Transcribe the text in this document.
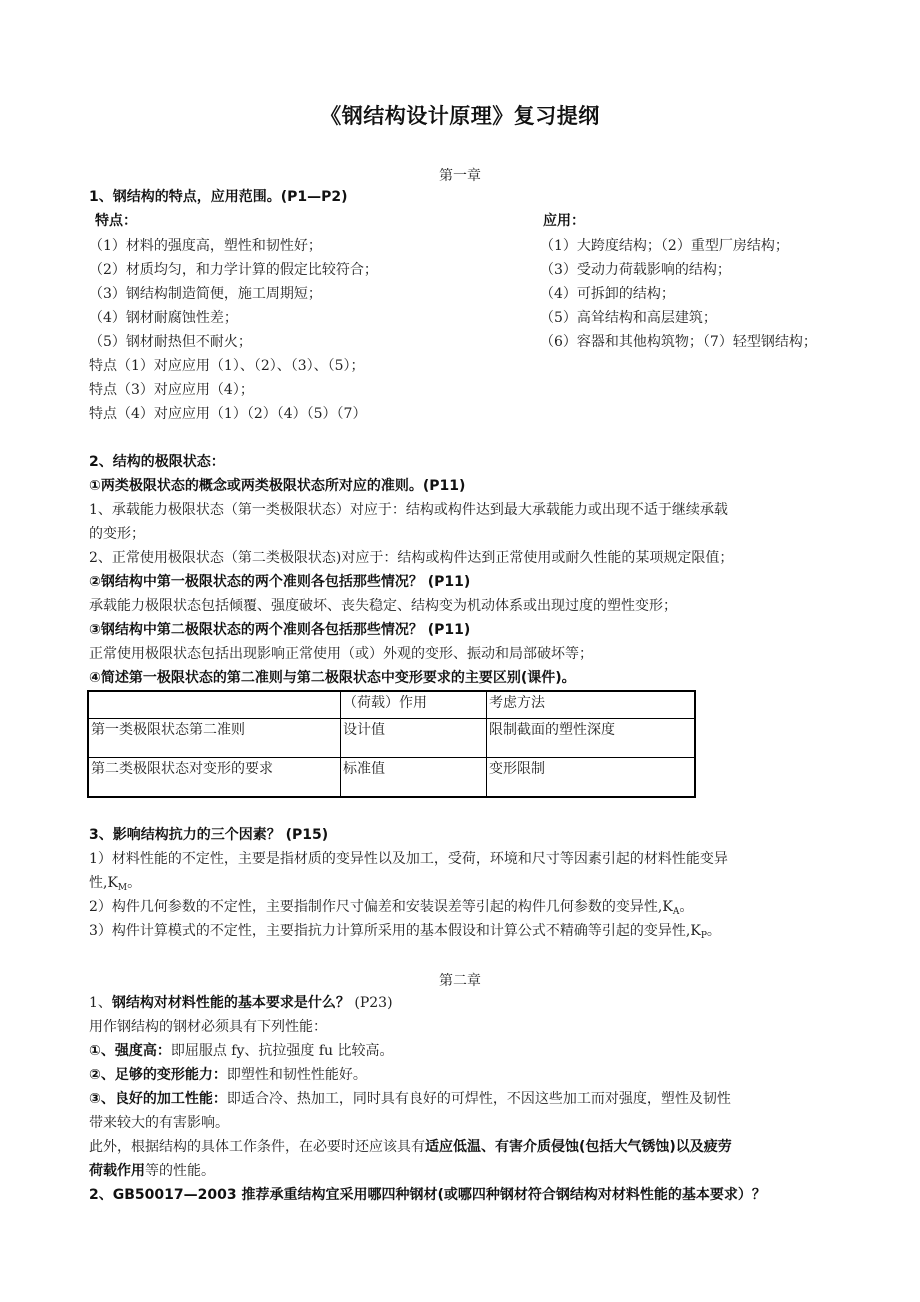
《钢结构设计原理》复习提纲
第一章
1、钢结构的特点，应用范围。(P1—P2)
特点：
（1）材料的强度高，塑性和韧性好；
（2）材质均匀，和力学计算的假定比较符合；
（3）钢结构制造简便，施工周期短；
（4）钢材耐腐蚀性差；
（5）钢材耐热但不耐火；
应用：
（1）大跨度结构；（2）重型厂房结构；
（3）受动力荷载影响的结构；
（4）可拆卸的结构；
（5）高耸结构和高层建筑；
（6）容器和其他构筑物；（7）轻型钢结构；
特点（1）对应应用（1）、（2）、（3）、（5）；
特点（3）对应应用（4）；
特点（4）对应应用（1）（2）（4）（5）（7）
2、结构的极限状态：
①两类极限状态的概念或两类极限状态所对应的准则。(P11)
1、承载能力极限状态（第一类极限状态）对应于：结构或构件达到最大承载能力或出现不适于继续承载
的变形；
2、正常使用极限状态（第二类极限状态)对应于：结构或构件达到正常使用或耐久性能的某项规定限值；
②钢结构中第一极限状态的两个准则各包括那些情况？ (P11)
承载能力极限状态包括倾覆、强度破坏、丧失稳定、结构变为机动体系或出现过度的塑性变形；
③钢结构中第二极限状态的两个准则各包括那些情况？ (P11)
正常使用极限状态包括出现影响正常使用（或）外观的变形、振动和局部破坏等；
④简述第一极限状态的第二准则与第二极限状态中变形要求的主要区别(课件)。
	（荷载）作用	考虑方法
第一类极限状态第二准则	设计值	限制截面的塑性深度
第二类极限状态对变形的要求	标准值	变形限制
3、影响结构抗力的三个因素？ (P15)
1）材料性能的不定性，主要是指材质的变异性以及加工，受荷，环境和尺寸等因素引起的材料性能变异
性$,K_M$。
2）构件几何参数的不定性，主要指制作尺寸偏差和安装误差等引起的构件几何参数的变异性$,K_A$。
3）构件计算模式的不定性，主要指抗力计算所采用的基本假设和计算公式不精确等引起的变异性$,K_P$。
第二章
1、钢结构对材料性能的基本要求是什么？ (P23)
用作钢结构的钢材必须具有下列性能：
①、强度高：即屈服点 fy、抗拉强度 fu 比较高。
②、足够的变形能力：即塑性和韧性性能好。
③、良好的加工性能：即适合冷、热加工，同时具有良好的可焊性，不因这些加工而对强度，塑性及韧性
带来较大的有害影响。
此外，根据结构的具体工作条件，在必要时还应该具有适应低温、有害介质侵蚀(包括大气锈蚀)以及疲劳
荷载作用等的性能。
2、GB50017—2003 推荐承重结构宜采用哪四种钢材(或哪四种钢材符合钢结构对材料性能的基本要求）？
